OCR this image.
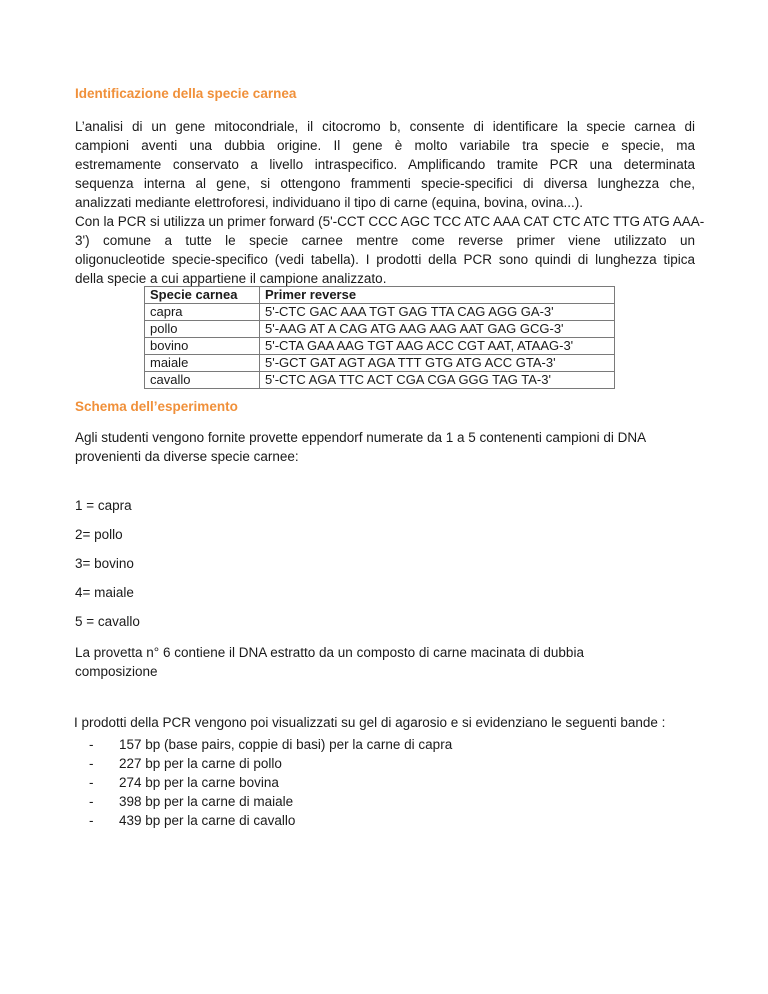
Identificazione della specie carnea
L’analisi di un gene mitocondriale, il citocromo b, consente di identificare la specie carnea di
campioni aventi una dubbia origine. Il gene è molto variabile tra specie e specie, ma
estremamente conservato a livello intraspecifico. Amplificando tramite PCR una determinata
sequenza interna al gene, si ottengono frammenti specie-specifici di diversa lunghezza che,
analizzati mediante elettroforesi, individuano il tipo di carne (equina, bovina, ovina...).
Con la PCR si utilizza un primer forward (5'-CCT CCC AGC TCC ATC AAA CAT CTC ATC TTG ATG AAA-
3') comune a tutte le specie carnee mentre come reverse primer viene utilizzato un
oligonucleotide specie-specifico (vedi tabella). I prodotti della PCR sono quindi di lunghezza tipica
della specie a cui appartiene il campione analizzato.
Specie carnea	Primer reverse
capra	5'-CTC GAC AAA TGT GAG TTA CAG AGG GA-3'
pollo	5'-AAG AT A CAG ATG AAG AAG AAT GAG GCG-3'
bovino	5'-CTA GAA AAG TGT AAG ACC CGT AAT, ATAAG-3'
maiale	5'-GCT GAT AGT AGA TTT GTG ATG ACC GTA-3'
cavallo	5'-CTC AGA TTC ACT CGA CGA GGG TAG TA-3'
Schema dell’esperimento
Agli studenti vengono fornite provette eppendorf numerate da 1 a 5 contenenti campioni di DNA
provenienti da diverse specie carnee:
1 = capra
2= pollo
3= bovino
4= maiale
5 = cavallo
La provetta n° 6 contiene il DNA estratto da un composto di carne macinata di dubbia
composizione
I prodotti della PCR vengono poi visualizzati su gel di agarosio e si evidenziano le seguenti bande :
- 157 bp (base pairs, coppie di basi) per la carne di capra
- 227 bp per la carne di pollo
- 274 bp per la carne bovina
- 398 bp per la carne di maiale
- 439 bp per la carne di cavallo
